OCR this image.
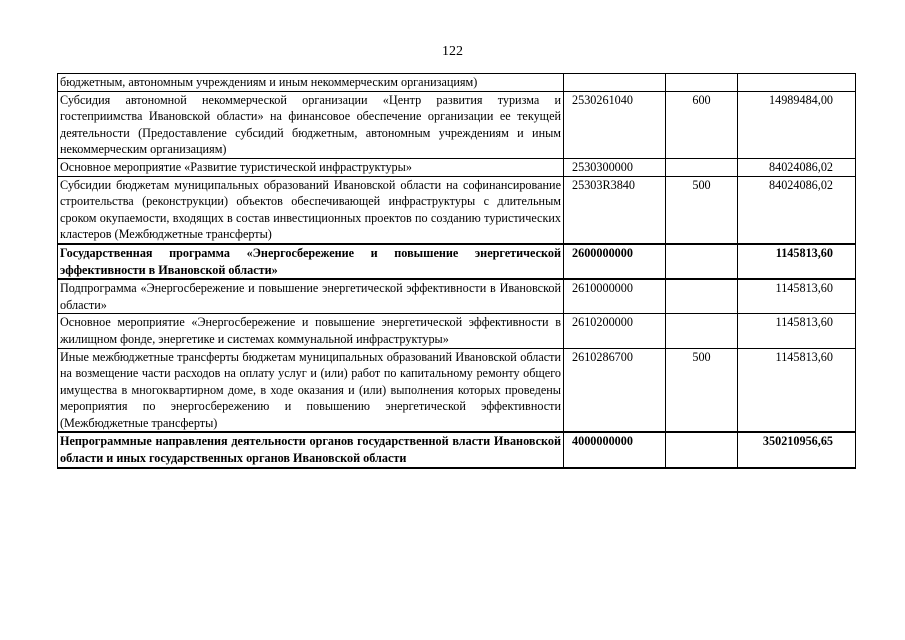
122
бюджетным, автономным учреждениям и иным некоммерческим организациям)			
Субсидия автономной некоммерческой организации «Центр развития туризма и гостеприимства Ивановской области» на финансовое обеспечение организации ее текущей деятельности (Предоставление субсидий бюджетным, автономным учреждениям и иным некоммерческим организациям)	2530261040	600	14989484,00
Основное мероприятие «Развитие туристической инфраструктуры»	2530300000		84024086,02
Субсидии бюджетам муниципальных образований Ивановской области на софинансирование строительства (реконструкции) объектов обеспечивающей инфраструктуры с длительным сроком окупаемости, входящих в состав инвестиционных проектов по созданию туристических кластеров (Межбюджетные трансферты)	25303R3840	500	84024086,02
Государственная программа «Энергосбережение и повышение энергетической эффективности в Ивановской области»	2600000000		1145813,60
Подпрограмма «Энергосбережение и повышение энергетической эффективности в Ивановской области»	2610000000		1145813,60
Основное мероприятие «Энергосбережение и повышение энергетической эффективности в жилищном фонде, энергетике и системах коммунальной инфраструктуры»	2610200000		1145813,60
Иные межбюджетные трансферты бюджетам муниципальных образований Ивановской области на возмещение части расходов на оплату услуг и (или) работ по капитальному ремонту общего имущества в многоквартирном доме, в ходе оказания и (или) выполнения которых проведены мероприятия по энергосбережению и повышению энергетической эффективности (Межбюджетные трансферты)	2610286700	500	1145813,60
Непрограммные направления деятельности органов государственной власти Ивановской области и иных государственных органов Ивановской области	4000000000		350210956,65
